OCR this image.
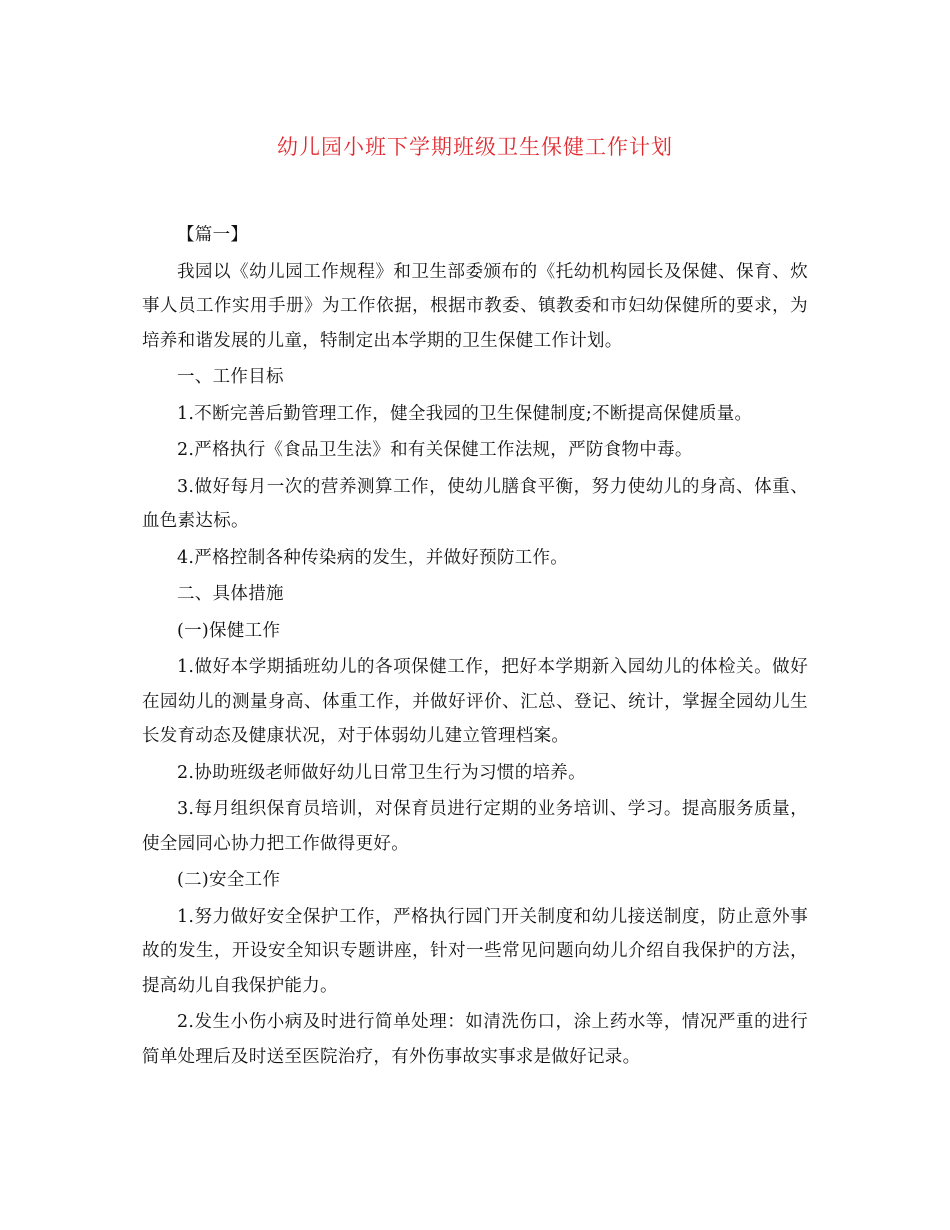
幼儿园小班下学期班级卫生保健工作计划

【篇一】

我园以《幼儿园工作规程》和卫生部委颁布的《托幼机构园长及保健、保育、炊事人员工作实用手册》为工作依据，根据市教委、镇教委和市妇幼保健所的要求，为培养和谐发展的儿童，特制定出本学期的卫生保健工作计划。

一、工作目标

1.不断完善后勤管理工作，健全我园的卫生保健制度;不断提高保健质量。

2.严格执行《食品卫生法》和有关保健工作法规，严防食物中毒。

3.做好每月一次的营养测算工作，使幼儿膳食平衡，努力使幼儿的身高、体重、血色素达标。

4.严格控制各种传染病的发生，并做好预防工作。

二、具体措施

(一)保健工作

1.做好本学期插班幼儿的各项保健工作，把好本学期新入园幼儿的体检关。做好在园幼儿的测量身高、体重工作，并做好评价、汇总、登记、统计，掌握全园幼儿生长发育动态及健康状况，对于体弱幼儿建立管理档案。

2.协助班级老师做好幼儿日常卫生行为习惯的培养。

3.每月组织保育员培训，对保育员进行定期的业务培训、学习。提高服务质量，使全园同心协力把工作做得更好。

(二)安全工作

1.努力做好安全保护工作，严格执行园门开关制度和幼儿接送制度，防止意外事故的发生，开设安全知识专题讲座，针对一些常见问题向幼儿介绍自我保护的方法，提高幼儿自我保护能力。

2.发生小伤小病及时进行简单处理：如清洗伤口，涂上药水等，情况严重的进行简单处理后及时送至医院治疗，有外伤事故实事求是做好记录。
